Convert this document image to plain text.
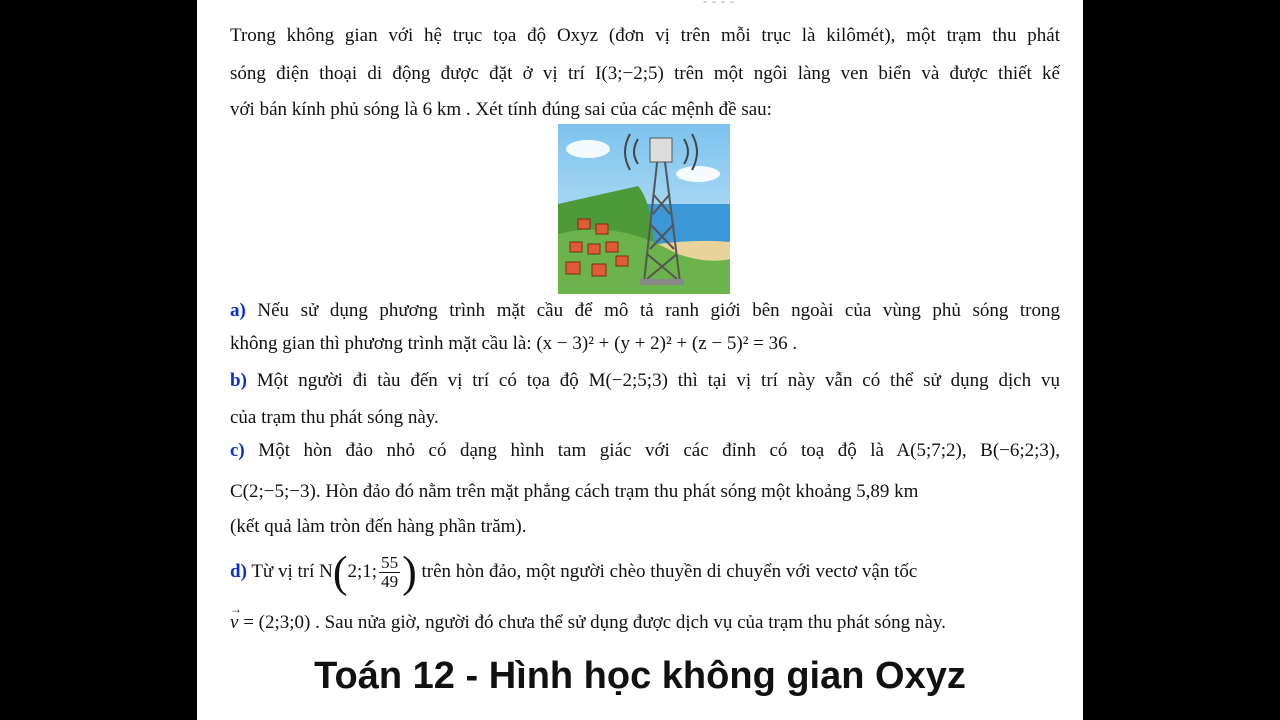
- - - -
Trong không gian với hệ trục tọa độ Oxyz (đơn vị trên mỗi trục là kilômét), một trạm thu phát
sóng điện thoại di động được đặt ở vị trí I(3;−2;5) trên một ngôi làng ven biển và được thiết kế
với bán kính phủ sóng là 6 km . Xét tính đúng sai của các mệnh đề sau:
a) Nếu sử dụng phương trình mặt cầu để mô tả ranh giới bên ngoài của vùng phủ sóng trong
không gian thì phương trình mặt cầu là: (x − 3)² + (y + 2)² + (z − 5)² = 36 .
b) Một người đi tàu đến vị trí có tọa độ M(−2;5;3) thì tại vị trí này vẫn có thể sử dụng dịch vụ
của trạm thu phát sóng này.
c) Một hòn đảo nhỏ có dạng hình tam giác với các đỉnh có toạ độ là A(5;7;2), B(−6;2;3),
C(2;−5;−3). Hòn đảo đó nằm trên mặt phẳng cách trạm thu phát sóng một khoảng 5,89 km
(kết quả làm tròn đến hàng phần trăm).
d) Từ vị trí N(2;1; $\frac{55}{49}$ ) trên hòn đảo, một người chèo thuyền di chuyển với vectơ vận tốc
→ v = (2;3;0) . Sau nửa giờ, người đó chưa thể sử dụng được dịch vụ của trạm thu phát sóng này.
Toán 12 - Hình học không gian Oxyz
